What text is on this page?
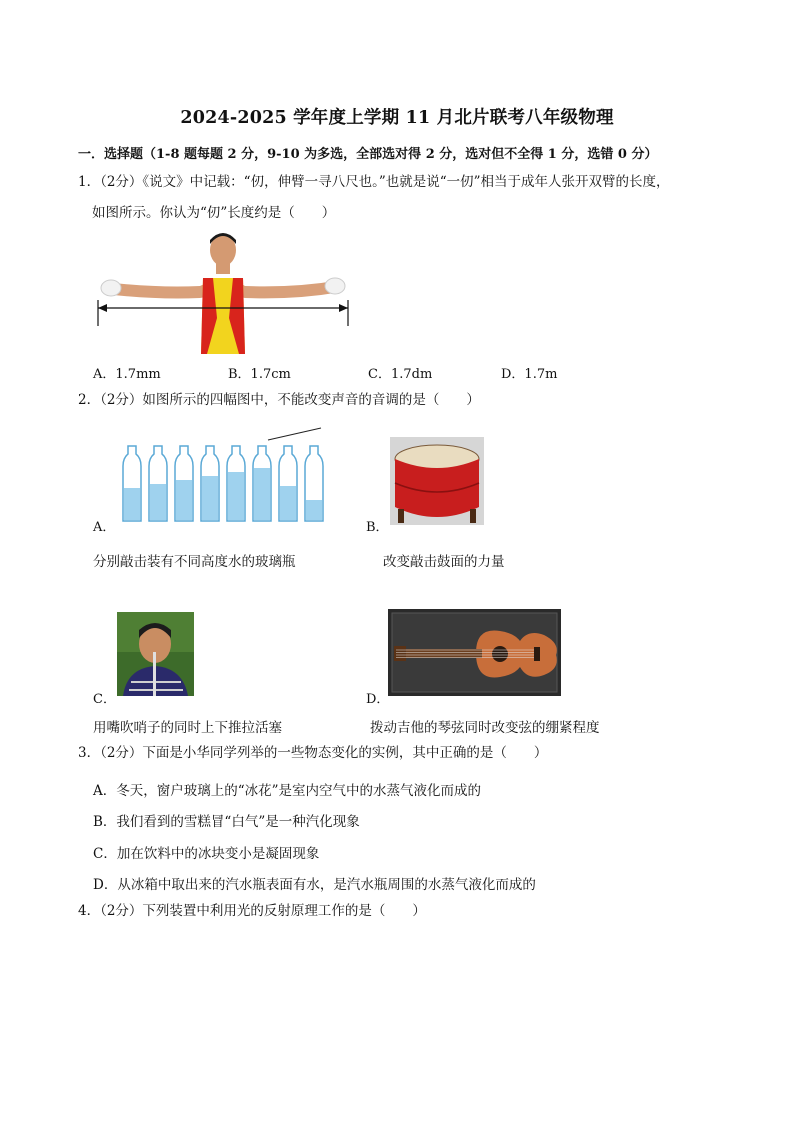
2024-2025 学年度上学期 11 月北片联考八年级物理
一．选择题（1-8 题每题 2 分，9-10 为多选，全部选对得 2 分，选对但不全得 1 分，选错 0 分）
1．（2分）《说文》中记载：“仞，伸臂一寻八尺也。”也就是说“一仞”相当于成年人张开双臂的长度，
如图所示。你认为“仞”长度约是（　　）
A．1.7mm	B．1.7cm	C．1.7dm	D．1.7m
2．（2分）如图所示的四幅图中，不能改变声音的音调的是（　　）
A．	B．
分别敲击装有不同高度水的玻璃瓶	改变敲击鼓面的力量
C．	D．
用嘴吹哨子的同时上下推拉活塞	拨动吉他的琴弦同时改变弦的绷紧程度
3．（2分）下面是小华同学列举的一些物态变化的实例，其中正确的是（　　）
A．冬天，窗户玻璃上的“冰花”是室内空气中的水蒸气液化而成的
B．我们看到的雪糕冒“白气”是一种汽化现象
C．加在饮料中的冰块变小是凝固现象
D．从冰箱中取出来的汽水瓶表面有水，是汽水瓶周围的水蒸气液化而成的
4．（2分）下列装置中利用光的反射原理工作的是（　　）
